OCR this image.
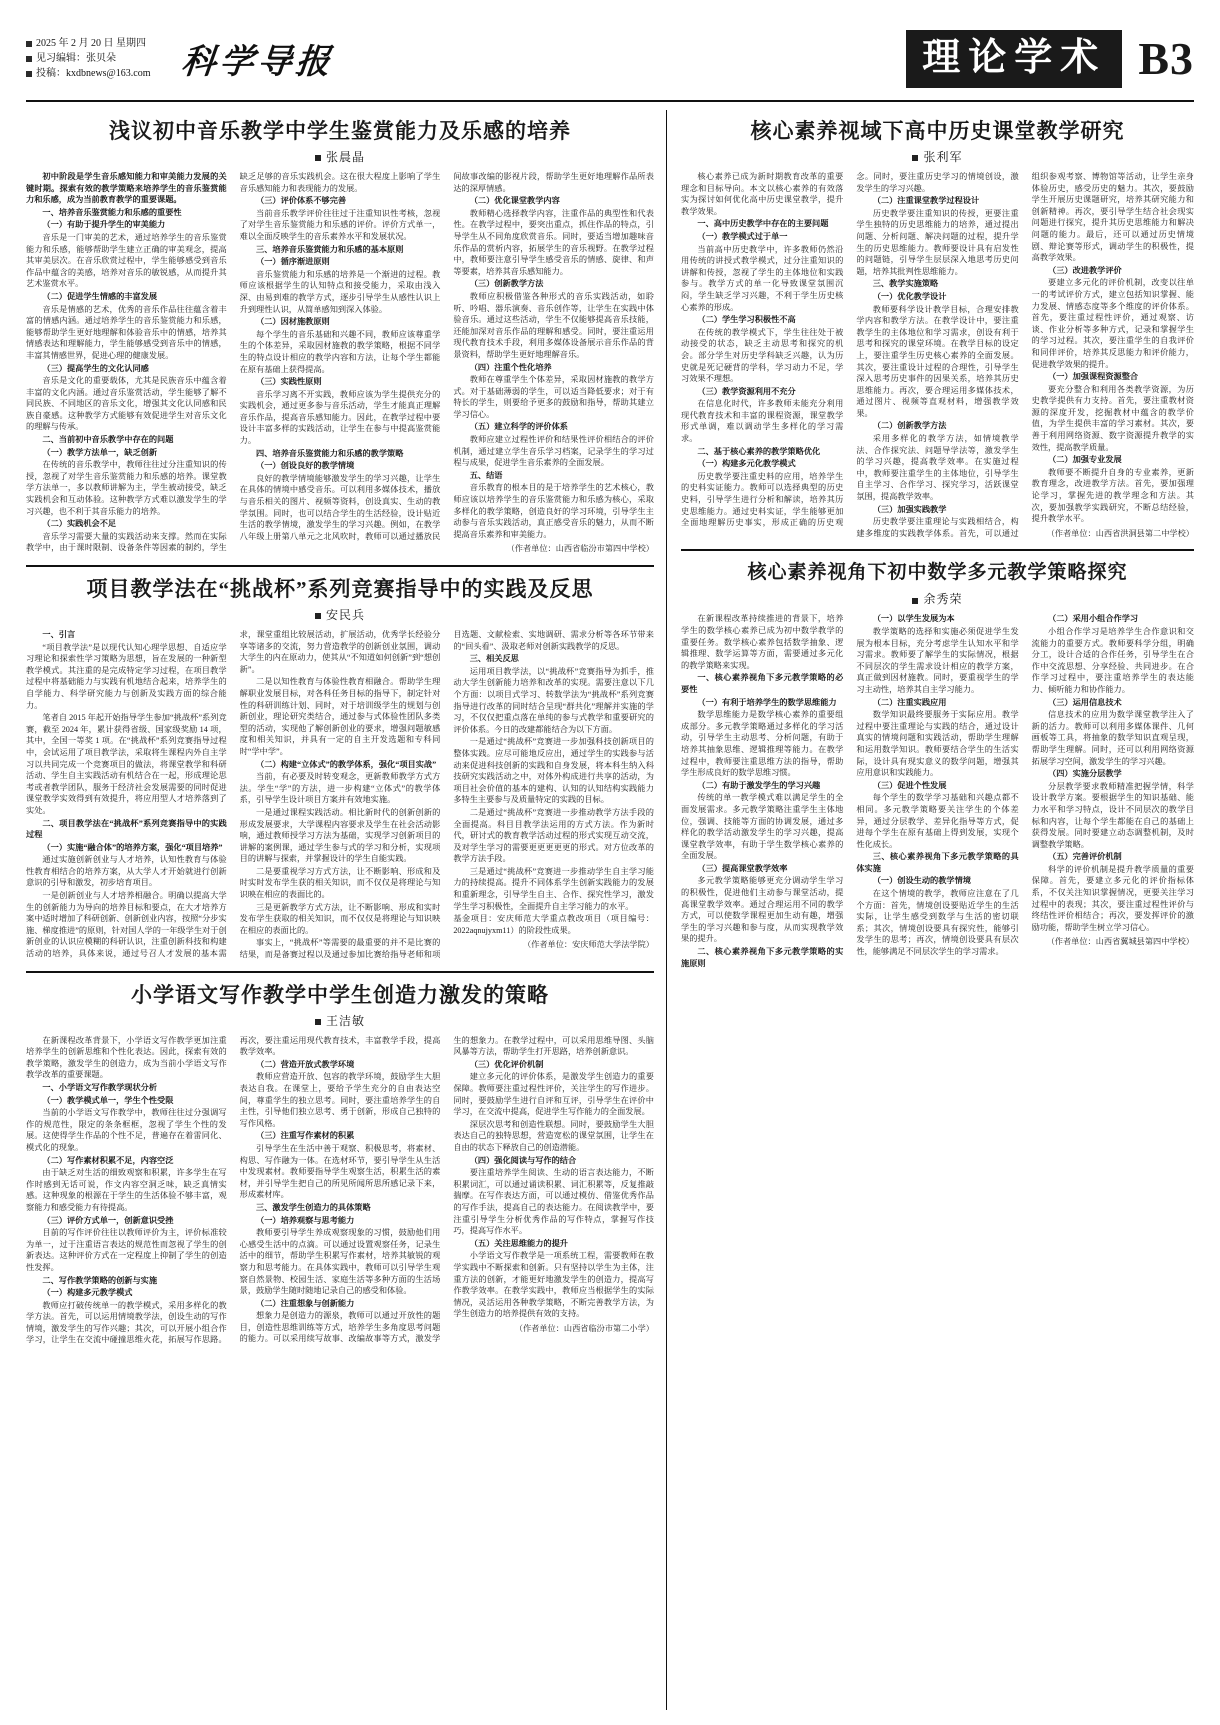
2025 年 2 月 20 日 星期四
见习编辑：张贝朵
投稿：kxdbnews@163.com 科学导报	理论学术 B3
浅议初中音乐教学中学生鉴赏能力及乐感的培养
张晨晶

初中阶段是学生音乐感知能力和审美能力发展的关键时期。探索有效的教学策略来培养学生的音乐鉴赏能力和乐感，成为当前教育教学的重要课题。

一、培养音乐鉴赏能力和乐感的重要性

（一）有助于提升学生的审美能力

音乐是一门审美的艺术，通过培养学生的音乐鉴赏能力和乐感，能够帮助学生建立正确的审美观念，提高其审美层次。在音乐欣赏过程中，学生能够感受到音乐作品中蕴含的美感，培养对音乐的敏锐感，从而提升其艺术鉴赏水平。

（二）促进学生情感的丰富发展

音乐是情感的艺术，优秀的音乐作品往往蕴含着丰富的情感内涵。通过培养学生的音乐鉴赏能力和乐感，能够帮助学生更好地理解和体验音乐中的情感，培养其情感表达和理解能力，学生能够感受到音乐中的情感，丰富其情感世界，促进心理的健康发展。

（三）提高学生的文化认同感

音乐是文化的重要载体，尤其是民族音乐中蕴含着丰富的文化内涵。通过音乐鉴赏活动，学生能够了解不同民族、不同地区的音乐文化，增强其文化认同感和民族自豪感。这种教学方式能够有效促进学生对音乐文化的理解与传承。

二、当前初中音乐教学中存在的问题

（一）教学方法单一，缺乏创新

在传统的音乐教学中，教师往往过分注重知识的传授，忽视了对学生音乐鉴赏能力和乐感的培养。课堂教学方法单一，多以教师讲解为主，学生被动接受，缺乏实践机会和互动体验。这种教学方式难以激发学生的学习兴趣，也不利于其音乐能力的培养。

（二）实践机会不足

音乐学习需要大量的实践活动来支撑。然而在实际教学中，由于课时限制、设备条件等因素的制约，学生缺乏足够的音乐实践机会。这在很大程度上影响了学生音乐感知能力和表现能力的发展。

（三）评价体系不够完善

当前音乐教学评价往往过于注重知识性考核，忽视了对学生音乐鉴赏能力和乐感的评价。评价方式单一，难以全面反映学生的音乐素养水平和发展状况。

三、培养音乐鉴赏能力和乐感的基本原则

（一）循序渐进原则

音乐鉴赏能力和乐感的培养是一个渐进的过程。教师应该根据学生的认知特点和接受能力，采取由浅入深、由易到难的教学方式，逐步引导学生从感性认识上升到理性认识，从简单感知到深入体验。

（二）因材施教原则

每个学生的音乐基础和兴趣不同，教师应该尊重学生的个体差异，采取因材施教的教学策略，根据不同学生的特点设计相应的教学内容和方法，让每个学生都能在原有基础上获得提高。

（三）实践性原则

音乐学习离不开实践，教师应该为学生提供充分的实践机会，通过更多参与音乐活动，学生才能真正理解音乐作品，提高音乐感知能力。因此，在教学过程中要设计丰富多样的实践活动，让学生在参与中提高鉴赏能力。

四、培养音乐鉴赏能力和乐感的教学策略

（一）创设良好的教学情境

良好的教学情境能够激发学生的学习兴趣，让学生在具体的情境中感受音乐。可以利用多媒体技术，播放与音乐相关的图片、视频等资料，创设真实、生动的教学氛围。同时，也可以结合学生的生活经验，设计贴近生活的教学情境，激发学生的学习兴趣。例如，在教学八年级上册第八单元之北风吹时，教师可以通过播放民间故事改编的影视片段，帮助学生更好地理解作品所表达的深厚情感。

（二）优化课堂教学内容

教师精心选择教学内容，注重作品的典型性和代表性。在教学过程中，要突出重点，抓住作品的特点，引导学生从不同角度欣赏音乐。同时，要适当增加趣味音乐作品的赏析内容，拓展学生的音乐视野。在教学过程中，教师要注意引导学生感受音乐的情感、旋律、和声等要素，培养其音乐感知能力。

（三）创新教学方法

教师应积极借鉴各种形式的音乐实践活动，如聆听、吟唱、器乐演奏、音乐创作等，让学生在实践中体验音乐。通过这些活动，学生不仅能够提高音乐技能，还能加深对音乐作品的理解和感受。同时，要注重运用现代教育技术手段，利用多媒体设备展示音乐作品的背景资料，帮助学生更好地理解音乐。

（四）注重个性化培养

教师在尊重学生个体差异，采取因材施教的教学方式。对于基础薄弱的学生，可以适当降低要求；对于有特长的学生，则要给予更多的鼓励和指导，帮助其建立学习信心。

（五）建立科学的评价体系

教师应建立过程性评价和结果性评价相结合的评价机制，通过建立学生音乐学习档案，记录学生的学习过程与成果，促进学生音乐素养的全面发展。

五、结语

音乐教育的根本目的是于培养学生的艺术核心，教师应该以培养学生的音乐鉴赏能力和乐感为核心，采取多样化的教学策略，创造良好的学习环境，引导学生主动参与音乐实践活动，真正感受音乐的魅力，从而不断提高音乐素养和审美能力。

（作者单位：山西省临汾市第四中学校）

项目教学法在“挑战杯”系列竞赛指导中的实践及反思
安民兵

一、引言

“项目教学法”是以现代认知心理学思想、自适应学习理论和探索性学习策略为思想，旨在发展的一种新型教学模式。其注重的是完成特定学习过程，在项目教学过程中将基础能力与实践有机地结合起来，培养学生的自学能力、科学研究能力与创新及实践方面的综合能力。

笔者自 2015 年起开始指导学生参加“挑战杯”系列竞赛，截至 2024 年，累计获得省级、国家级奖励 14 项，其中，全国一等奖 1 项。在“挑战杯”系列竞赛指导过程中，会试运用了项目教学法，采取将生课程内外自主学习以共同完成一个竞赛项目的做法，将课堂教学和科研活动、学生自主实践活动有机结合在一起，形成理论思考或者教学团队，服务于经济社会发展需要的同时促进课堂教学实效得到有效提升，将应用型人才培养落到了实处。

二、项目教学法在“挑战杯”系列竞赛指导中的实践过程

（一）实施“融合体”的培养方案，强化“项目培养”

通过实施创新创业与人才培养，认知性教育与体验性教育相结合的培养方案，从大学人才开始就进行创新意识的引导和激发，初步培育项目。

一是创新创业与人才培养相融合。明确以提高大学生的创新能力为导向的培养目标和要点，在大才培养方案中适时增加了科研创新、创新创业内容，按照“分步实施、梯度推进”的原则，针对国人学的一年级学生对于创新创业的认识应模糊的科研认识，注重创新科技和构建活动的培养，具体来说，通过号召人才发展的基本需求，课堂重组比较展活动，扩展活动，优秀学长经验分享等诸多的交流，努力营造教学的创新创业氛围，调动大学生的内在原动力，使其从“不知道如何创新”到“想创新”。

二是以知性教育与体验性教育相融合。帮助学生理解职业发展目标，对各科任务目标的指导下，制定针对性的科研训练计划、同时，对于培训级学生的规划与创新创业，理论研究类结合，通过参与式体验性团队多类型的活动，实现他了解创新创业的要求，增强问题敏感度和相关知识，并具有一定的自主开发选题和专科同时“学中学”。

（二）构建“立体式”的教学体系，强化“项目实战”

当前，有必要及时转变观念，更新教师教学方式方法。学生“学”的方法，进一步构建“立体式”的教学体系，引导学生设计项目方案并有效地实施。

一是通过课程实践活动。相比新时代的创新创新的形成发展要求，大学课程内容要求及学生在社会活动影响，通过教师授学习方法为基础，实现学习创新项目的讲解的案例课，通过学生参与式的学习和分析，实现项目的讲解与探索，并掌握设计的学生自能实践。

二是要重视学习方式方法，让不断影响、形成和及时实时发布学生获的相关知识，而不仅仅是将理论与知识映在相应的表面比的。

三是更新教学方式方法，让不断影响、形成和实时发布学生获取的相关知识，而不仅仅是将理论与知识映在相应的表面比的。

事实上，“挑战杯”等需要的最重要的并不是比赛的结果，而是备赛过程以及通过参加比赛给指导老师和项目选题、文献检索、实地调研、需求分析等各环节带来的“回头看”、汲取老师对创新实践教学的反思。

三、相关反思

运用项目教学法，以“挑战杯”竞赛指导为抓手，推动大学生创新能力培养和改革的实现。需要注意以下几个方面：以项目式学习、转数学法为“挑战杯”系列竞赛指导进行改革的同时结合呈现“群共化”理解并实施的学习，不仅仅把重点落在单纯的参与式教学和重要研究的评价体系。今日的改建都能结合为以下方面。

一是通过“挑战杯”竞赛进一步加强科技创新项目的整体实践。应尽可能地反应出，通过学生的实践参与活动来促进科技创新的实践和自身发展，将本科生纳入科技研究实践活动之中，对体外构成进行共享的活动，为项目社会价值的基本的建构、认知的认知结构实践能力多特生主要参与及质量特定的实践的目标。

二是通过“挑战杯”竞赛进一步推动教学方法手段的全面提高。科目目教学法运用的方式方法。作为新时代，研讨式的教育教学活动过程的形式实现互动交流，及对学生学习的需要更更更更更的形式。对方位改革的教学方法手段。

三是通过“挑战杯”竞赛进一步推动学生自主学习能力的持续提高。提升不同体系学生创新实践能力的发展和重新理念，引导学生自主、合作、探究性学习，激发学生学习积极性，全面提升自主学习能力的水平。

基金项目：安庆师范大学重点教改项目（项目编号：2022aqnujyxm11）的阶段性成果。

（作者单位：安庆师范大学法学院）

小学语文写作教学中学生创造力激发的策略
王洁敏

在新课程改革背景下，小学语文写作教学更加注重培养学生的创新思维和个性化表达。因此，探索有效的教学策略，激发学生的创造力，成为当前小学语文写作教学改革的重要课题。

一、小学语文写作教学现状分析

（一）教学模式单一，学生个性受限

当前的小学语文写作教学中，教师往往过分强调写作的规范性，限定的条条框框，忽视了学生个性的发展。这使得学生作品的个性不足，普遍存在着雷同化、模式化的现象。

（二）写作素材积累不足，内容空泛

由于缺乏对生活的细致观察和积累，许多学生在写作时感到无话可说，作文内容空洞乏味，缺乏真情实感。这种现象的根源在于学生的生活体验不够丰富，观察能力和感受能力有待提高。

（三）评价方式单一，创新意识受挫

目前的写作评价往往以教师评价为主，评价标准较为单一，过于注重语言表达的规范性而忽视了学生的创新表达。这种评价方式在一定程度上抑制了学生的创造性发挥。

二、写作教学策略的创新与实施

（一）构建多元教学模式

教师应打破传统单一的教学模式，采用多样化的教学方法。首先，可以运用情境教学法，创设生动的写作情境，激发学生的写作兴趣；其次，可以开展小组合作学习，让学生在交流中碰撞思维火花，拓展写作思路。再次，要注重运用现代教育技术，丰富教学手段，提高教学效率。

（二）营造开放式教学环境

教师应营造开放、包容的教学环境，鼓励学生大胆表达自我。在课堂上，要给予学生充分的自由表达空间，尊重学生的独立思考。同时，要注重培养学生的自主性，引导他们独立思考、勇于创新，形成自己独特的写作风格。

（三）注重写作素材的积累

引导学生在生活中善于观察、积极思考，将素材、构思、写作融为一体。在选材环节，要引导学生从生活中发现素材。教师要指导学生观察生活，积累生活的素材，并引导学生把自己的所见所闻所思所感记录下来，形成素材库。

三、激发学生创造力的具体策略

（一）培养观察与思考能力

教师要引导学生养成观察现象的习惯，鼓励他们用心感受生活中的点滴。可以通过设置观察任务，记录生活中的细节，帮助学生积累写作素材，培养其敏锐的观察力和思考能力。在具体实践中，教师可以引导学生观察自然景物、校园生活、家庭生活等多种方面的生活场景，鼓励学生随时随地记录自己的感受和体验。

（二）注重想象与创新能力

想象力是创造力的源泉，教师可以通过开放性的题目，创造性思维训练等方式，培养学生多角度思考问题的能力。可以采用续写故事、改编故事等方式，激发学生的想象力。在教学过程中，可以采用思维导图、头脑风暴等方法，帮助学生打开思路，培养创新意识。

（三）优化评价机制

建立多元化的评价体系，是激发学生创造力的重要保障。教师要注重过程性评价，关注学生的写作进步。同时，要鼓励学生进行自评和互评，引导学生在评价中学习，在交流中提高，促进学生写作能力的全面发展。

深层次思考和创造性联想。同时，要鼓励学生大胆表达自己的独特思想，营造宽松的课堂氛围，让学生在自由的状态下释放自己的创造潜能。

（四）强化阅读与写作的结合

要注重培养学生阅读、生动的语言表达能力，不断积累词汇，可以通过诵读积累、词汇积累等，反复推敲揣摩。在写作表达方面，可以通过模仿、借鉴优秀作品的写作手法，提高自己的表达能力。在阅读教学中，要注重引导学生分析优秀作品的写作特点，掌握写作技巧，提高写作水平。

（五）关注思维能力的提升

小学语文写作教学是一项系统工程，需要教师在教学实践中不断探索和创新。只有坚持以学生为主体，注重方法的创新，才能更好地激发学生的创造力，提高写作教学效率。在教学实践中，教师应当根据学生的实际情况，灵活运用各种教学策略，不断完善教学方法，为学生创造力的培养提供有效的支持。

（作者单位：山西省临汾市第二小学）

核心素养视域下高中历史课堂教学研究
张利军

核心素养已成为新时期教育改革的重要理念和目标导向。本文以核心素养的有效落实为探讨如何优化高中历史课堂教学，提升教学效果。

一、高中历史教学中存在的主要问题

（一）教学模式过于单一

当前高中历史教学中，许多教师仍然沿用传统的讲授式教学模式，过分注重知识的讲解和传授，忽视了学生的主体地位和实践参与。教学方式的单一化导致课堂氛围沉闷，学生缺乏学习兴趣，不利于学生历史核心素养的形成。

（二）学生学习积极性不高

在传统的教学模式下，学生往往处于被动接受的状态，缺乏主动思考和探究的机会。部分学生对历史学科缺乏兴趣，认为历史就是死记硬背的学科，学习动力不足，学习效果不理想。

（三）教学资源利用不充分

在信息化时代，许多教师未能充分利用现代教育技术和丰富的课程资源，课堂教学形式单调，难以调动学生多样化的学习需求。

二、基于核心素养的教学策略优化

（一）构建多元化教学模式

历史教学要注重史料的应用，培养学生的史料实证能力。教师可以选择典型的历史史料，引导学生进行分析和解读，培养其历史思维能力。通过史料实证，学生能够更加全面地理解历史事实，形成正确的历史观念。同时，要注重历史学习的情境创设，激发学生的学习兴趣。

（二）注重课堂教学过程设计

历史教学要注重知识的传授，更要注重学生独特的历史思维能力的培养，通过提出问题、分析问题、解决问题的过程，提升学生的历史思维能力。教师要设计具有启发性的问题链，引导学生层层深入地思考历史问题，培养其批判性思维能力。

三、教学实施策略

（一）优化教学设计

教师要科学设计教学目标，合理安排教学内容和教学方法。在教学设计中，要注重教学生的主体地位和学习需求，创设有利于思考和探究的课堂环境。在教学目标的设定上，要注重学生历史核心素养的全面发展。其次，要注重设计过程的合理性，引导学生深入思考历史事件的因果关系，培养其历史思维能力。再次，要合理运用多媒体技术，通过图片、视频等直观材料，增强教学效果。

（二）创新教学方法

采用多样化的教学方法，如情境教学法、合作探究法、问题导学法等，激发学生的学习兴趣，提高教学效率。在实施过程中，教师要注重学生的主体地位，引导学生自主学习、合作学习、探究学习，活跃课堂氛围，提高教学效率。

（三）加强实践教学

历史教学要注重理论与实践相结合，构建多维度的实践教学体系。首先，可以通过组织参观考察、博物馆等活动，让学生亲身体验历史，感受历史的魅力。其次，要鼓励学生开展历史课题研究，培养其研究能力和创新精神。再次，要引导学生结合社会现实问题进行探究，提升其历史思维能力和解决问题的能力。最后，还可以通过历史情境剧、辩论赛等形式，调动学生的积极性，提高教学效果。

（三）改进教学评价

要建立多元化的评价机制，改变以往单一的考试评价方式，建立包括知识掌握、能力发展、情感态度等多个维度的评价体系。首先，要注重过程性评价，通过观察、访谈、作业分析等多种方式，记录和掌握学生的学习过程。其次，要注重学生的自我评价和同伴评价，培养其反思能力和评价能力，促进教学效果的提升。

（一）加强课程资源整合

要充分整合和利用各类教学资源，为历史教学提供有力支持。首先，要注重教材资源的深度开发，挖掘教材中蕴含的教学价值，为学生提供丰富的学习素材。其次，要善于利用网络资源、数字资源提升教学的实效性，提高教学质量。

（二）加强专业发展

教师要不断提升自身的专业素养，更新教育理念，改进教学方法。首先，要加强理论学习，掌握先进的教学理念和方法。其次，要加强教学实践研究，不断总结经验，提升教学水平。

（作者单位：山西省洪洞县第二中学校）

核心素养视角下初中数学多元教学策略探究
余秀荣

在新课程改革持续推进的背景下，培养学生的数学核心素养已成为初中数学教学的重要任务。数学核心素养包括数学抽象、逻辑推理、数学运算等方面，需要通过多元化的教学策略来实现。

一、核心素养视角下多元教学策略的必要性

（一）有利于培养学生的数学思维能力

数学思维能力是数学核心素养的重要组成部分。多元教学策略通过多样化的学习活动，引导学生主动思考、分析问题，有助于培养其抽象思维、逻辑推理等能力。在教学过程中，教师要注重思维方法的指导，帮助学生形成良好的数学思维习惯。

（二）有助于激发学生的学习兴趣

传统的单一教学模式难以满足学生的全面发展需求。多元教学策略注重学生主体地位，强调、技能等方面的协调发展，通过多样化的教学活动激发学生的学习兴趣，提高课堂教学效率，有助于学生数学核心素养的全面发展。

（三）提高课堂教学效率

多元教学策略能够更充分调动学生学习的积极性，促进他们主动参与课堂活动，提高课堂教学效率。通过合理运用不同的教学方式，可以使数学课程更加生动有趣，增强学生的学习兴趣和参与度，从而实现教学效果的提升。

二、核心素养视角下多元教学策略的实施原则

（一）以学生发展为本

教学策略的选择和实施必须促进学生发展为根本目标，充分考虑学生认知水平和学习需求。教师要了解学生的实际情况，根据不同层次的学生需求设计相应的教学方案，真正做到因材施教。同时，要重视学生的学习主动性，培养其自主学习能力。

（二）注重实践应用

数学知识最终要服务于实际应用。教学过程中要注重理论与实践的结合，通过设计真实的情境问题和实践活动，帮助学生理解和运用数学知识。教师要结合学生的生活实际，设计具有现实意义的数学问题，增强其应用意识和实践能力。

（三）促进个性发展

每个学生的数学学习基础和兴趣点都不相同。多元教学策略要关注学生的个体差异，通过分层教学、差异化指导等方式，促进每个学生在原有基础上得到发展，实现个性化成长。

三、核心素养视角下多元教学策略的具体实施

（一）创设生动的教学情境

在这个情境的教学，教师应注意在了几个方面：首先，情境创设要贴近学生的生活实际，让学生感受到数学与生活的密切联系；其次，情境创设要具有探究性，能够引发学生的思考；再次，情境创设要具有层次性，能够满足不同层次学生的学习需求。

（二）采用小组合作学习

小组合作学习是培养学生合作意识和交流能力的重要方式。教师要科学分组，明确分工，设计合适的合作任务，引导学生在合作中交流思想、分享经验、共同进步。在合作学习过程中，要注重培养学生的表达能力、倾听能力和协作能力。

（三）运用信息技术

信息技术的应用为数学课堂教学注入了新的活力。教师可以利用多媒体课件、几何画板等工具，将抽象的数学知识直观呈现，帮助学生理解。同时，还可以利用网络资源拓展学习空间，激发学生的学习兴趣。

（四）实施分层教学

分层教学要求教师精准把握学情，科学设计教学方案。要根据学生的知识基础、能力水平和学习特点，设计不同层次的教学目标和内容，让每个学生都能在自己的基础上获得发展。同时要建立动态调整机制，及时调整教学策略。

（五）完善评价机制

科学的评价机制是提升教学质量的重要保障。首先，要建立多元化的评价指标体系，不仅关注知识掌握情况，更要关注学习过程中的表现；其次，要注重过程性评价与终结性评价相结合；再次，要发挥评价的激励功能，帮助学生树立学习信心。

（作者单位：山西省翼城县第四中学校）
